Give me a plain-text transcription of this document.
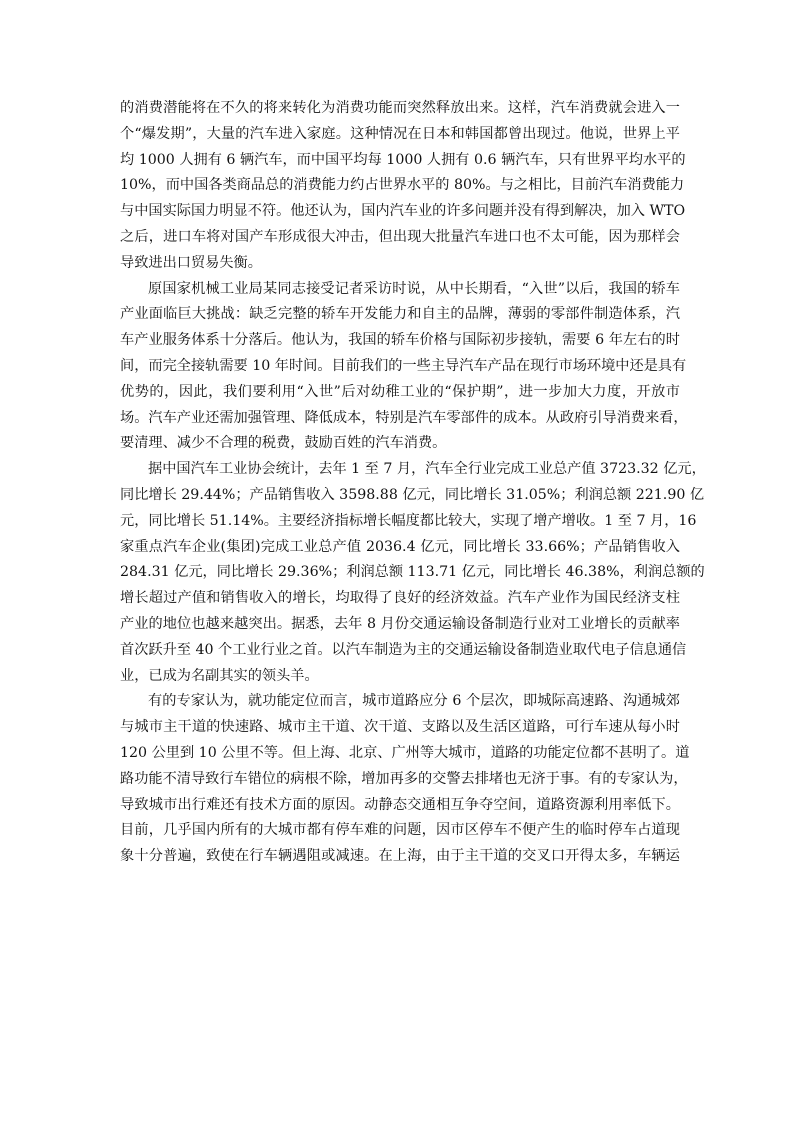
的消费潜能将在不久的将来转化为消费功能而突然释放出来。这样，汽车消费就会进入一
个“爆发期”，大量的汽车进入家庭。这种情况在日本和韩国都曾出现过。他说，世界上平
均 1000 人拥有 6 辆汽车，而中国平均每 1000 人拥有 0.6 辆汽车，只有世界平均水平的
10%，而中国各类商品总的消费能力约占世界水平的 80%。与之相比，目前汽车消费能力
与中国实际国力明显不符。他还认为，国内汽车业的许多问题并没有得到解决，加入 WTO
之后，进口车将对国产车形成很大冲击，但出现大批量汽车进口也不太可能，因为那样会
导致进出口贸易失衡。
原国家机械工业局某同志接受记者采访时说，从中长期看，“入世”以后，我国的轿车
产业面临巨大挑战：缺乏完整的轿车开发能力和自主的品牌，薄弱的零部件制造体系，汽
车产业服务体系十分落后。他认为，我国的轿车价格与国际初步接轨，需要 6 年左右的时
间，而完全接轨需要 10 年时间。目前我们的一些主导汽车产品在现行市场环境中还是具有
优势的，因此，我们要利用“入世”后对幼稚工业的“保护期”，进一步加大力度，开放市
场。汽车产业还需加强管理、降低成本，特别是汽车零部件的成本。从政府引导消费来看，
要清理、减少不合理的税费，鼓励百姓的汽车消费。
据中国汽车工业协会统计，去年 1 至 7 月，汽车全行业完成工业总产值 3723.32 亿元，
同比增长 29.44%；产品销售收入 3598.88 亿元，同比增长 31.05%；利润总额 221.90 亿
元，同比增长 51.14%。主要经济指标增长幅度都比较大，实现了增产增收。1 至 7 月，16
家重点汽车企业(集团)完成工业总产值 2036.4 亿元，同比增长 33.66%；产品销售收入
284.31 亿元，同比增长 29.36%；利润总额 113.71 亿元，同比增长 46.38%，利润总额的
增长超过产值和销售收入的增长，均取得了良好的经济效益。汽车产业作为国民经济支柱
产业的地位也越来越突出。据悉，去年 8 月份交通运输设备制造行业对工业增长的贡献率
首次跃升至 40 个工业行业之首。以汽车制造为主的交通运输设备制造业取代电子信息通信
业，已成为名副其实的领头羊。
有的专家认为，就功能定位而言，城市道路应分 6 个层次，即城际高速路、沟通城郊
与城市主干道的快速路、城市主干道、次干道、支路以及生活区道路，可行车速从每小时
120 公里到 10 公里不等。但上海、北京、广州等大城市，道路的功能定位都不甚明了。道
路功能不清导致行车错位的病根不除，增加再多的交警去排堵也无济于事。有的专家认为，
导致城市出行难还有技术方面的原因。动静态交通相互争夺空间，道路资源利用率低下。
目前，几乎国内所有的大城市都有停车难的问题，因市区停车不便产生的临时停车占道现
象十分普遍，致使在行车辆遇阻或减速。在上海，由于主干道的交叉口开得太多，车辆运
